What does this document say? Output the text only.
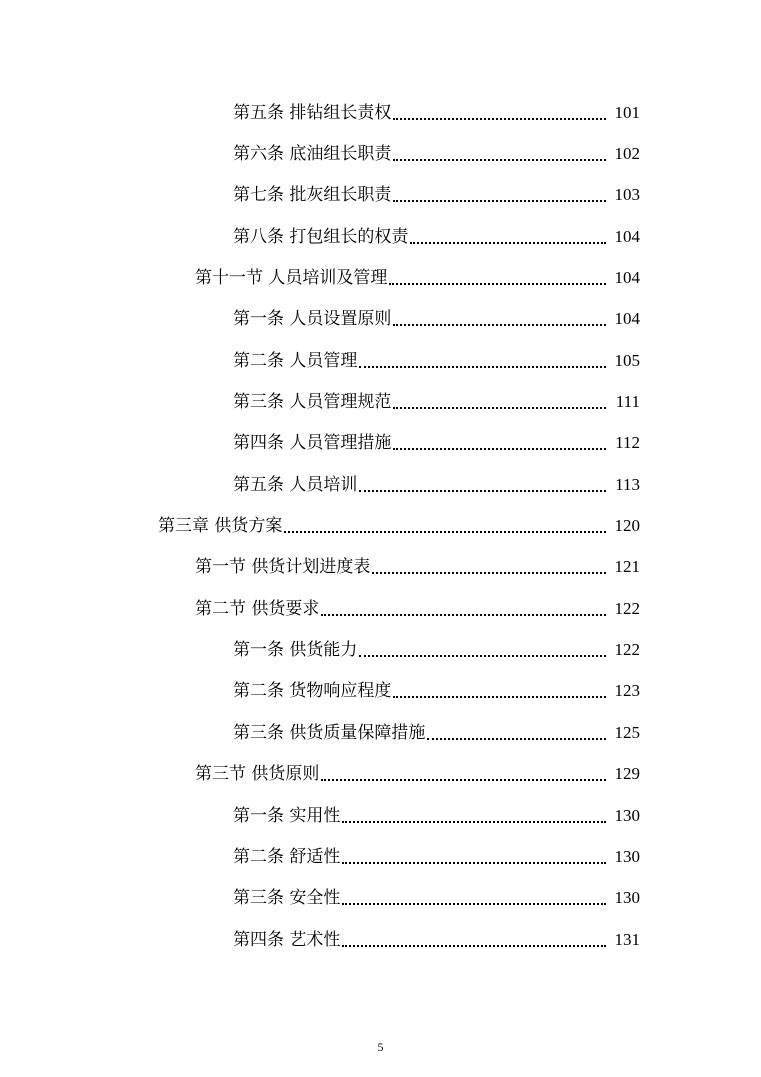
第五条 排钻组长责权	101
第六条 底油组长职责	102
第七条 批灰组长职责	103
第八条 打包组长的权责	104
第十一节 人员培训及管理	104
第一条 人员设置原则	104
第二条 人员管理	105
第三条 人员管理规范	111
第四条 人员管理措施	112
第五条 人员培训	113
第三章 供货方案	120
第一节 供货计划进度表	121
第二节 供货要求	122
第一条 供货能力	122
第二条 货物响应程度	123
第三条 供货质量保障措施	125
第三节 供货原则	129
第一条 实用性	130
第二条 舒适性	130
第三条 安全性	130
第四条 艺术性	131
5
